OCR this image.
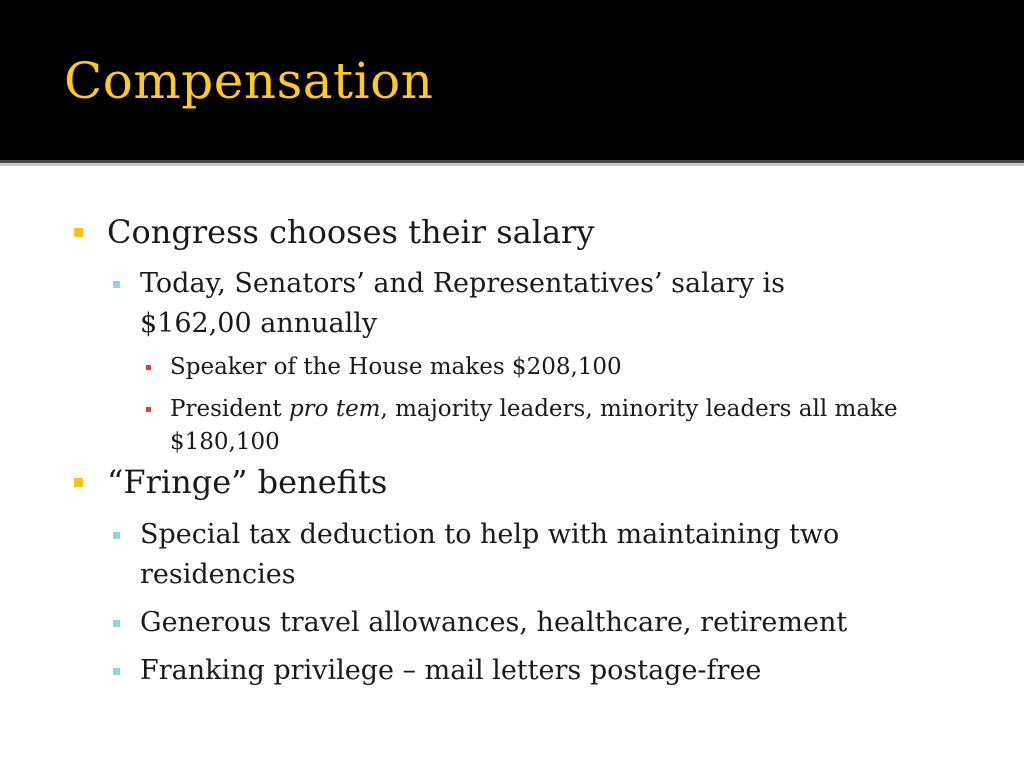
Compensation
Congress chooses their salary
Today, Senators’ and Representatives’ salary is
$162,00 annually
Speaker of the House makes $208,100
President pro tem, majority leaders, minority leaders all make
$180,100
“Fringe” benefits
Special tax deduction to help with maintaining two
residencies
Generous travel allowances, healthcare, retirement
Franking privilege – mail letters postage-free
